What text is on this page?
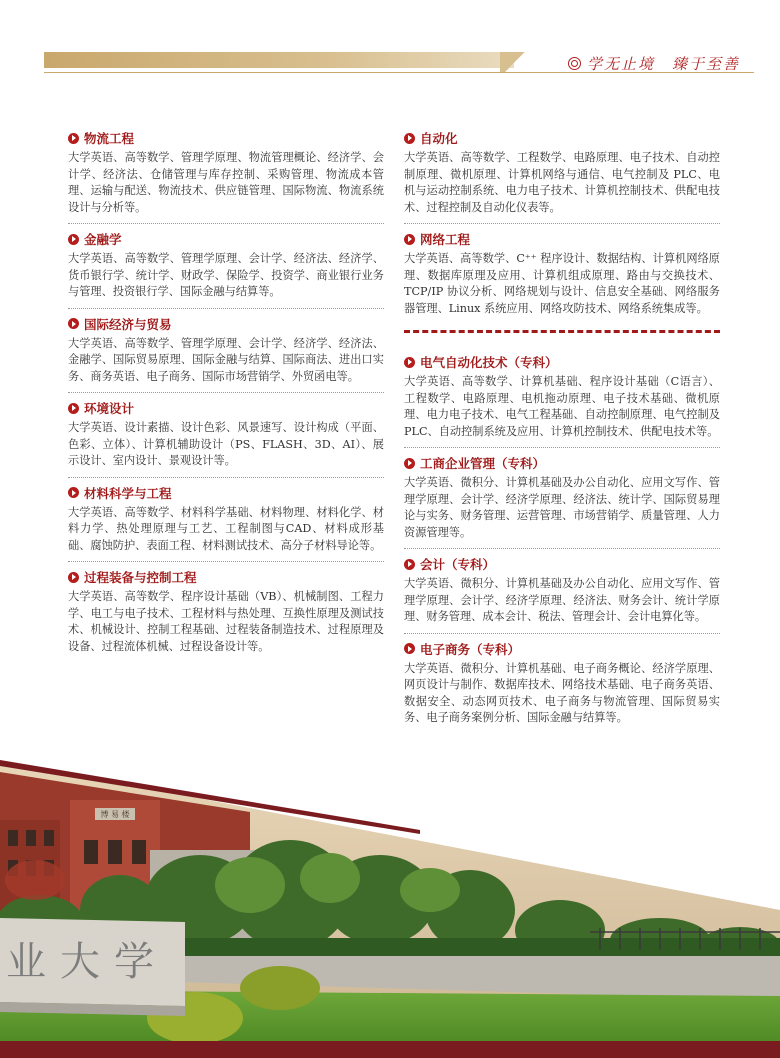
学无止境　臻于至善
物流工程

大学英语、高等数学、管理学原理、物流管理概论、经济学、会计学、经济法、仓储管理与库存控制、采购管理、物流成本管理、运输与配送、物流技术、供应链管理、国际物流、物流系统设计与分析等。

金融学

大学英语、高等数学、管理学原理、会计学、经济法、经济学、货币银行学、统计学、财政学、保险学、投资学、商业银行业务与管理、投资银行学、国际金融与结算等。

国际经济与贸易

大学英语、高等数学、管理学原理、会计学、经济学、经济法、金融学、国际贸易原理、国际金融与结算、国际商法、进出口实务、商务英语、电子商务、国际市场营销学、外贸函电等。

环境设计

大学英语、设计素描、设计色彩、风景速写、设计构成（平面、色彩、立体）、计算机辅助设计（PS、FLASH、3D、AI）、展示设计、室内设计、景观设计等。

材料科学与工程

大学英语、高等数学、材料科学基础、材料物理、材料化学、材料力学、热处理原理与工艺、工程制图与CAD、材料成形基础、腐蚀防护、表面工程、材料测试技术、高分子材料导论等。

过程装备与控制工程

大学英语、高等数学、程序设计基础（VB）、机械制图、工程力学、电工与电子技术、工程材料与热处理、互换性原理及测试技术、机械设计、控制工程基础、过程装备制造技术、过程原理及设备、过程流体机械、过程设备设计等。

自动化

大学英语、高等数学、工程数学、电路原理、电子技术、自动控制原理、微机原理、计算机网络与通信、电气控制及 PLC、电机与运动控制系统、电力电子技术、计算机控制技术、供配电技术、过程控制及自动化仪表等。

网络工程

大学英语、高等数学、C⁺⁺ 程序设计、数据结构、计算机网络原理、数据库原理及应用、计算机组成原理、路由与交换技术、TCP/IP 协议分析、网络规划与设计、信息安全基础、网络服务器管理、Linux 系统应用、网络攻防技术、网络系统集成等。

电气自动化技术（专科）

大学英语、高等数学、计算机基础、程序设计基础（C语言）、工程数学、电路原理、电机拖动原理、电子技术基础、微机原理、电力电子技术、电气工程基础、自动控制原理、电气控制及 PLC、自动控制系统及应用、计算机控制技术、供配电技术等。

工商企业管理（专科）

大学英语、微积分、计算机基础及办公自动化、应用文写作、管理学原理、会计学、经济学原理、经济法、统计学、国际贸易理论与实务、财务管理、运营管理、市场营销学、质量管理、人力资源管理等。

会计（专科）

大学英语、微积分、计算机基础及办公自动化、应用文写作、管理学原理、会计学、经济学原理、经济法、财务会计、统计学原理、财务管理、成本会计、税法、管理会计、会计电算化等。

电子商务（专科）

大学英语、微积分、计算机基础、电子商务概论、经济学原理、网页设计与制作、数据库技术、网络技术基础、电子商务英语、数据安全、动态网页技术、电子商务与物流管理、国际贸易实务、电子商务案例分析、国际金融与结算等。

博 易 楼
业大学
